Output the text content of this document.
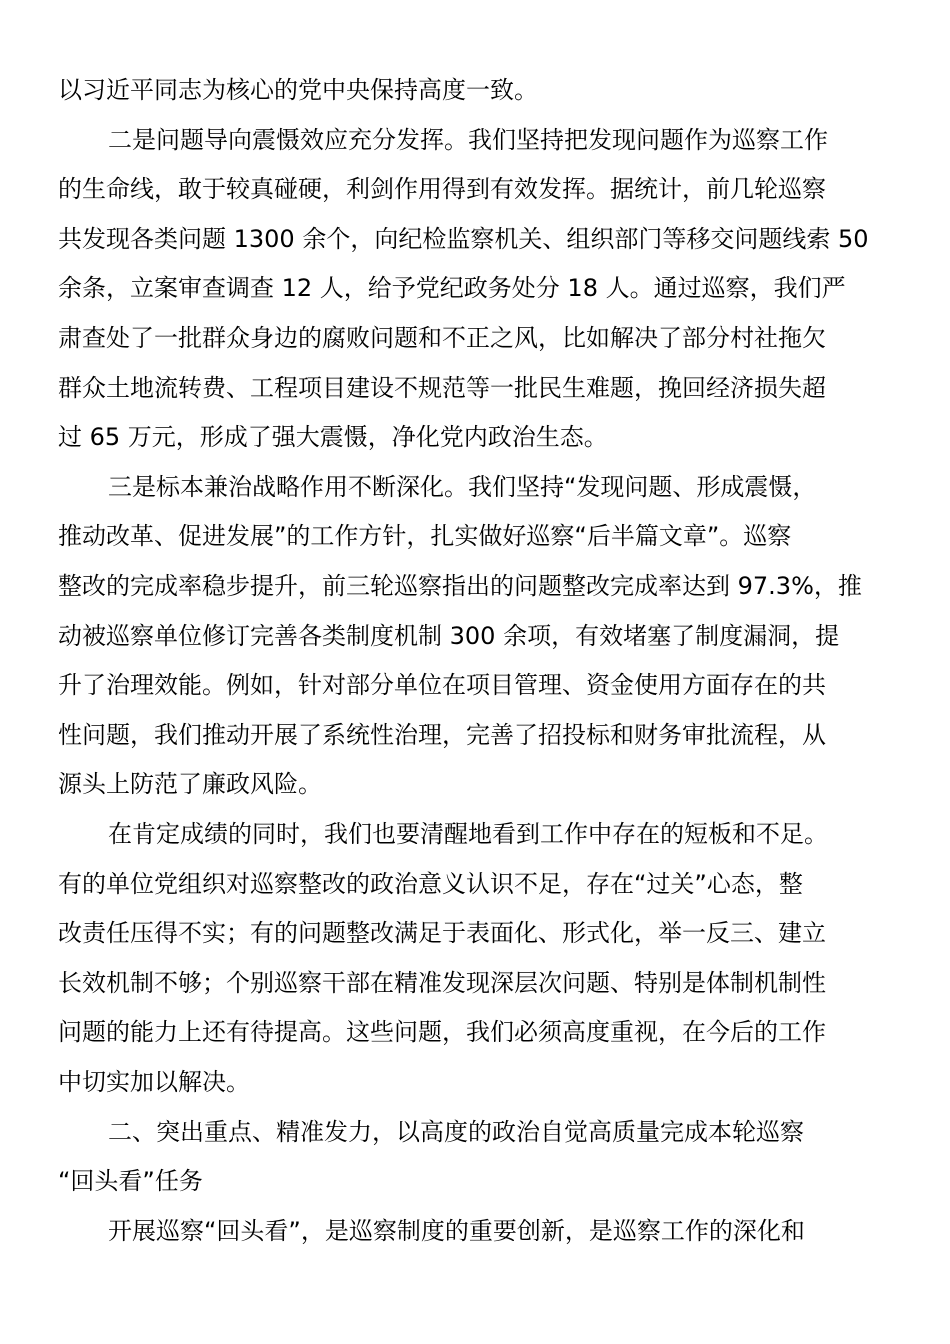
以习近平同志为核心的党中央保持高度一致。
二是问题导向震慑效应充分发挥。我们坚持把发现问题作为巡察工作
的生命线，敢于较真碰硬，利剑作用得到有效发挥。据统计，前几轮巡察
共发现各类问题 1300 余个，向纪检监察机关、组织部门等移交问题线索 50
余条，立案审查调查 12 人，给予党纪政务处分 18 人。通过巡察，我们严
肃查处了一批群众身边的腐败问题和不正之风，比如解决了部分村社拖欠
群众土地流转费、工程项目建设不规范等一批民生难题，挽回经济损失超
过 65 万元，形成了强大震慑，净化党内政治生态。
三是标本兼治战略作用不断深化。我们坚持“发现问题、形成震慑，
推动改革、促进发展”的工作方针，扎实做好巡察“后半篇文章”。巡察
整改的完成率稳步提升，前三轮巡察指出的问题整改完成率达到 97.3%，推
动被巡察单位修订完善各类制度机制 300 余项，有效堵塞了制度漏洞，提
升了治理效能。例如，针对部分单位在项目管理、资金使用方面存在的共
性问题，我们推动开展了系统性治理，完善了招投标和财务审批流程，从
源头上防范了廉政风险。
在肯定成绩的同时，我们也要清醒地看到工作中存在的短板和不足。
有的单位党组织对巡察整改的政治意义认识不足，存在“过关”心态，整
改责任压得不实；有的问题整改满足于表面化、形式化，举一反三、建立
长效机制不够；个别巡察干部在精准发现深层次问题、特别是体制机制性
问题的能力上还有待提高。这些问题，我们必须高度重视，在今后的工作
中切实加以解决。
二、突出重点、精准发力，以高度的政治自觉高质量完成本轮巡察
“回头看”任务
开展巡察“回头看”，是巡察制度的重要创新，是巡察工作的深化和
